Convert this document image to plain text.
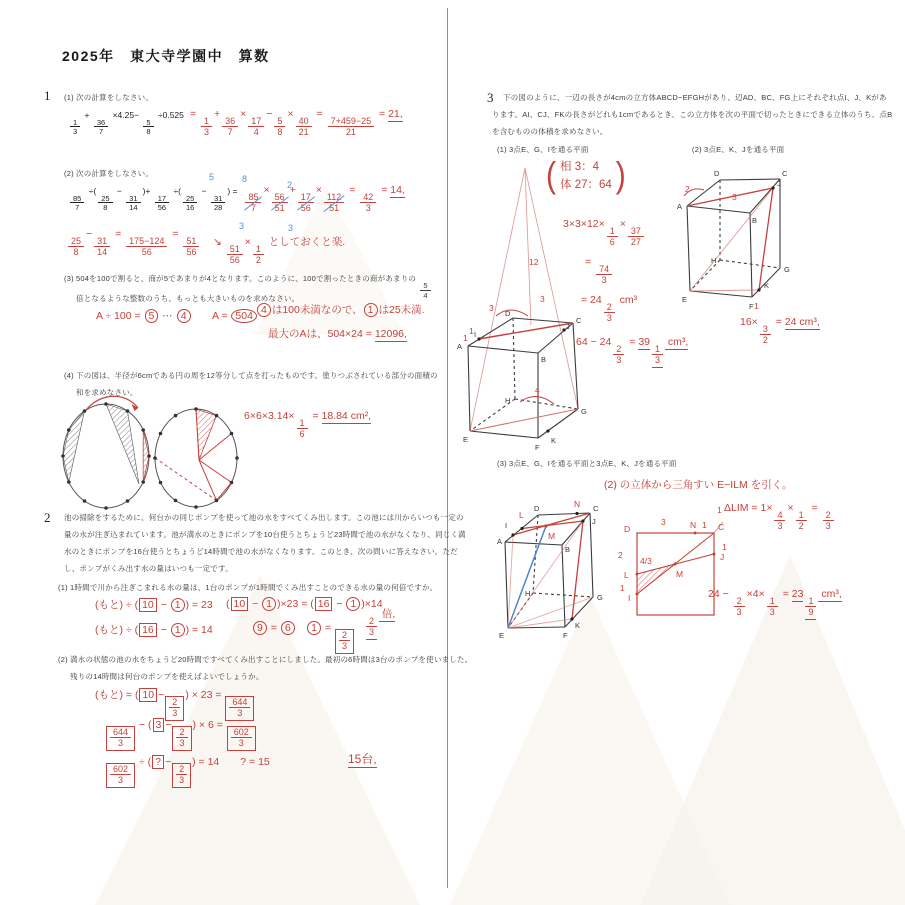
2025年　東大寺学園中　算数
1 (1) 次の計算をしなさい。
$\frac{1}{3}$
+
$\frac{36}{7}$
×4.25−
$\frac{5}{8}$
÷0.525 =
$\frac{1}{3}$
+
$\frac{36}{7}$
×
$\frac{17}{4}$
−
$\frac{5}{8}$
×
$\frac{40}{21}$
=
$\frac{7+459-25}{21}$
= 21,
(2) 次の計算をしなさい。
$\frac{85}{7}$
÷(
$\frac{25}{8}$
−
$\frac{31}{14}$
)+
$\frac{17}{56}$
÷(
$\frac{25}{16}$
−
$\frac{31}{28}$
) =
$\frac{85}{7}$
×
$\frac{56}{51}$
+
$\frac{17}{56}$
×
$\frac{112}{51}$
=
$\frac{42}{3}$
= 14,
5	8
2
3	3
$\frac{25}{8}$
−
$\frac{31}{14}$
=
$\frac{175-124}{56}$
=
$\frac{51}{56}$ ↘
$\frac{51}{56}$
×
$\frac{1}{2}$
としておくと楽.
(3) 504を100で割ると、商が5であまりが4となります。このように、100で割ったときの商があまりの
$\frac{5}{4}$
倍となるような整数のうち、もっとも大きいものを求めなさい。
A ÷ 100 = 5 ⋯ 4	A = 504 4 は100未満なので、 1 は25未満.
最大のAは、504×24 = 12096,
(4) 下の図は、半径が6cmである円の周を12等分して点を打ったものです。塗りつぶされている部分の面積の
和を求めなさい。
6×6×3.14×
$\frac{1}{6}$
= 18.84 cm²,
2 池の掃除をするために、何台かの同じポンプを使って池の水をすべてくみ出します。この池には川からいつも一定の
量の水が注ぎ込まれています。池が満水のときにポンプを10台使うとちょうど23時間で池の水がなくなり、同じく満
水のときにポンプを16台使うとちょうど14時間で池の水がなくなります。このとき、次の問いに答えなさい。ただ
し、ポンプがくみ出す水の量はいつも一定です。
(1) 1時間で川から注ぎこまれる水の量は、1台のポンプが1時間でくみ出すことのできる水の量の何倍ですか。
(もと) ÷ ( 10 − 1 ) = 23 ( 10 − 1 )×23 = ( 16 − 1 )×14
(もと) ÷ ( 16 − 1 ) = 14	9 = 6　 1 =
$\frac{2}{3}$
$\frac{2}{3}$
倍,
(2) 満水の状態の池の水をちょうど20時間ですべてくみ出すことにしました。最初の6時間は3台のポンプを使いました。
残りの14時間は何台のポンプを使えばよいでしょうか。
(もと) = ( 10 −
$\frac{2}{3}$
) × 23 =
$\frac{644}{3}$
$\frac{644}{3}$
− ( 3 −
$\frac{2}{3}$
) × 6 =
$\frac{602}{3}$
$\frac{602}{3}$
÷ ( ? −
$\frac{2}{3}$
) = 14　　? = 15	15台,
3 下の図のように、一辺の長さが4cmの立方体ABCD−EFGHがあり、辺AD、BC、FG上にそれぞれ点I、J、Kがあ
ります。AI、CJ、FKの長さがどれも1cmであるとき、この立方体を次の平面で切ったときにできる立体のうち、点B
を含むものの体積を求めなさい。
(1) 3点E、G、Iを通る平面	(2) 3点E、K、Jを通る平面
A
B
C
D
E
F
G
H
I
J
K
12
3
3
4
1
1
( 相 3：4
体 27：64 )
3×3×12×
$\frac{1}{6}$
×
$\frac{37}{27}$
=
$\frac{74}{3}$
= 24
$\frac{2}{3}$
cm³
64 − 24
$\frac{2}{3}$
= 39
$\frac{1}{3}$
cm³,
D	C
A
B
E
F
G
H
J
K
2
3
1
16×
$\frac{3}{2}$
= 24 cm³,
(3) 3点E、G、Iを通る平面と3点E、K、Jを通る平面
(2) の立体から三角すい E−ILM を引く。
D	C
A
B
E	F
G
H
I	J
K
L
N
M
D	N	C
J
L	M
I
3	1
1
1
2
4/3
1
ΔLIM = 1×
$\frac{4}{3}$
×
$\frac{1}{2}$
=
$\frac{2}{3}$
24 −
$\frac{2}{3}$
×4×
$\frac{1}{3}$
= 23
$\frac{1}{9}$
cm³,
